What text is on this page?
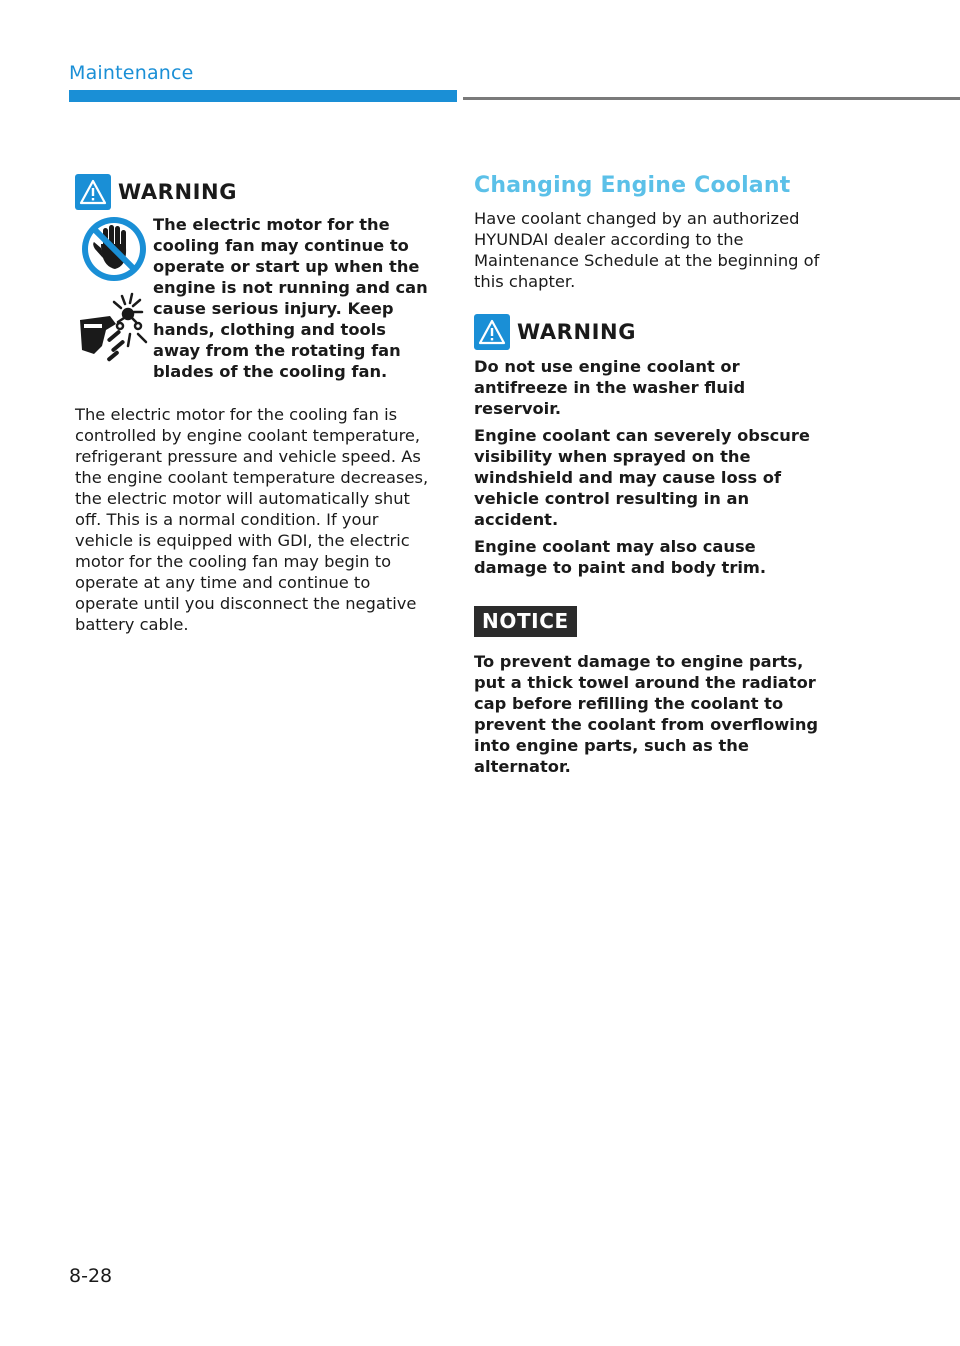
Maintenance
WARNING

The electric motor for the cooling fan may continue to operate or start up when the engine is not running and can cause serious injury. Keep hands, clothing and tools away from the rotating fan blades of the cooling fan.

The electric motor for the cooling fan is controlled by engine coolant temperature, refrigerant pressure and vehicle speed. As the engine coolant temperature decreases, the electric motor will automatically shut off. This is a normal condition. If your vehicle is equipped with GDI, the electric motor for the cooling fan may begin to operate at any time and continue to operate until you disconnect the negative battery cable.

Changing Engine Coolant

Have coolant changed by an authorized HYUNDAI dealer according to the Maintenance Schedule at the beginning of this chapter.

WARNING

Do not use engine coolant or antifreeze in the washer fluid reservoir.

Engine coolant can severely obscure visibility when sprayed on the windshield and may cause loss of vehicle control resulting in an accident.

Engine coolant may also cause damage to paint and body trim.

NOTICE

To prevent damage to engine parts, put a thick towel around the radiator cap before refilling the coolant to prevent the coolant from overflowing into engine parts, such as the alternator.

8-28
